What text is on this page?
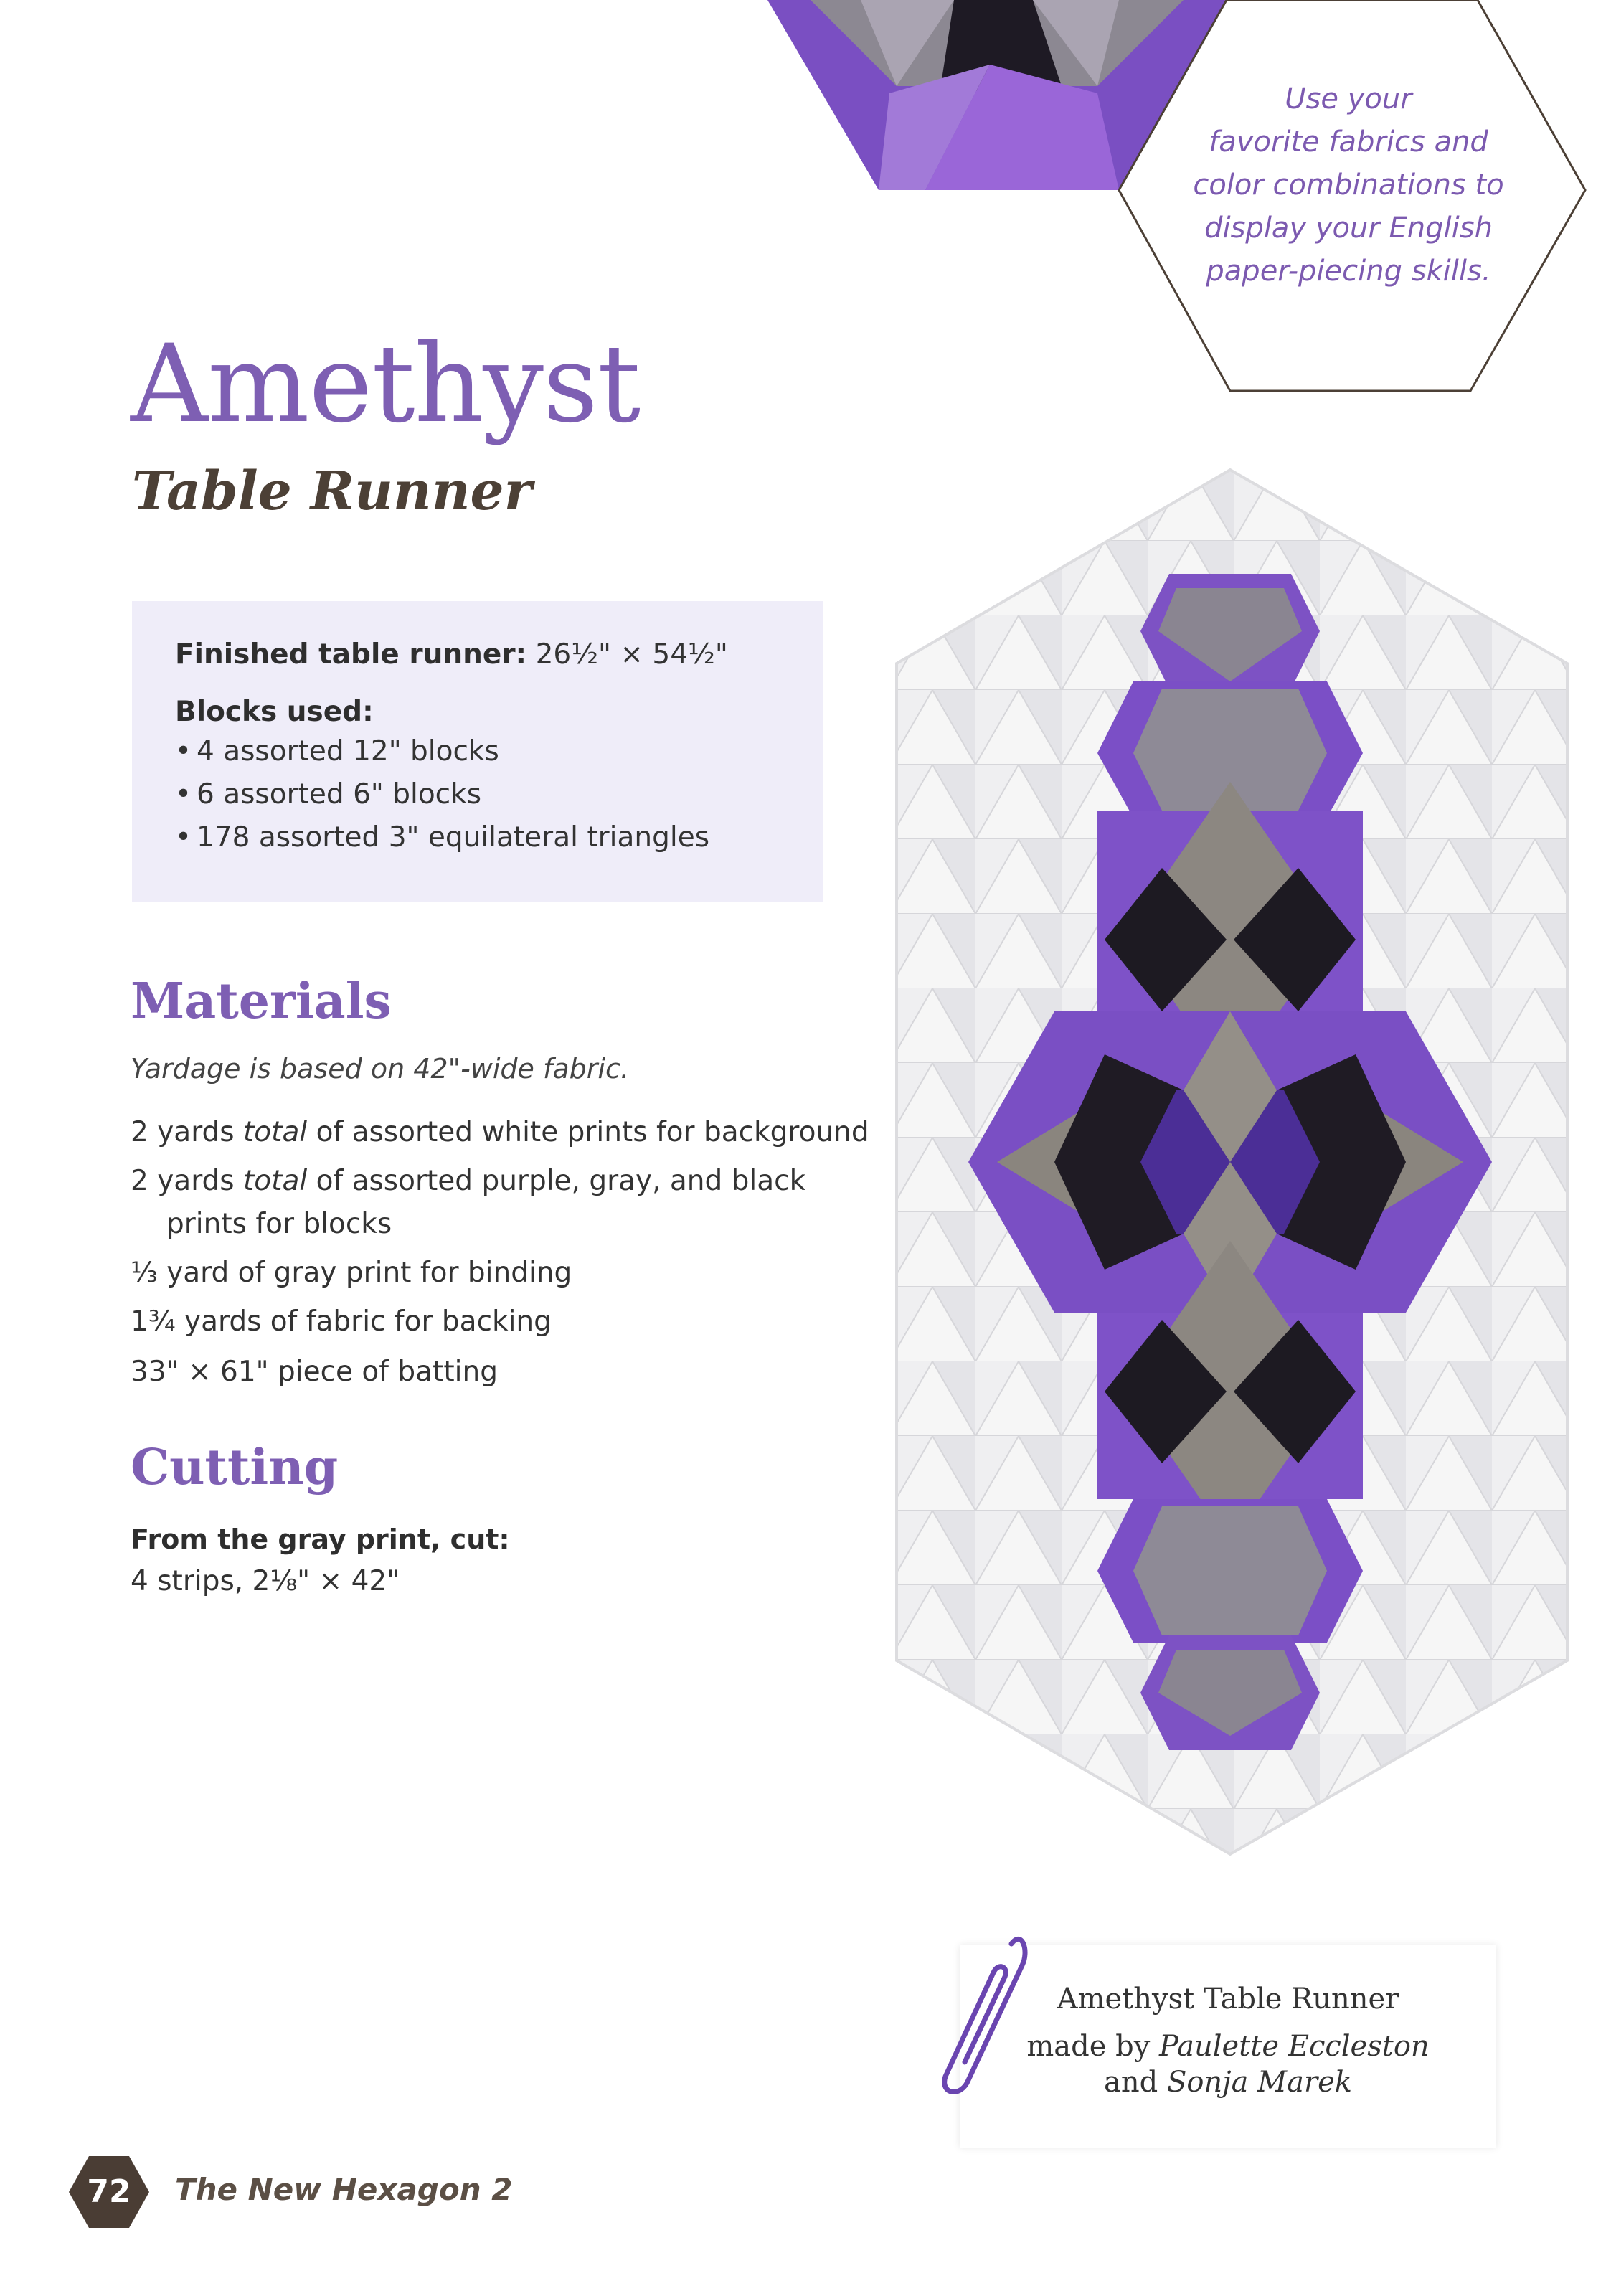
Use your
favorite fabrics and
color combinations to
display your English
paper-piecing skills.
Amethyst
Table Runner
Finished table runner: 26½" × 54½"
Blocks used:
• 4 assorted 12" blocks
• 6 assorted 6" blocks
• 178 assorted 3" equilateral triangles
Materials
Yardage is based on 42"-wide fabric.
2 yards total of assorted white prints for background
2 yards total of assorted purple, gray, and black
prints for blocks
⅓ yard of gray print for binding
1¾ yards of fabric for backing
33" × 61" piece of batting
Cutting
From the gray print, cut:
4 strips, 2⅛" × 42"
Amethyst Table Runner
made by Paulette Eccleston
and Sonja Marek
72	The New Hexagon 2
